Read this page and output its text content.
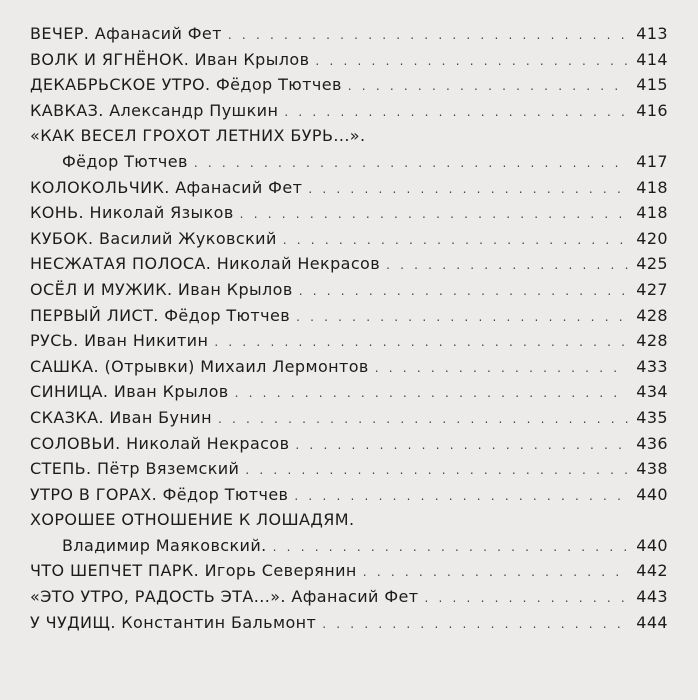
ВЕЧЕР. Афанасий Фет . . .	413
ВОЛК И ЯГНЁНОК. Иван Крылов . . .	414
ДЕКАБРЬСКОЕ УТРО. Фёдор Тютчев . . .	415
КАВКАЗ. Александр Пушкин . . .	416
«КАК ВЕСЕЛ ГРОХОТ ЛЕТНИХ БУРЬ...».
Фёдор Тютчев . . .	417
КОЛОКОЛЬЧИК. Афанасий Фет . . .	418
КОНЬ. Николай Языков . . .	418
КУБОК. Василий Жуковский . . .	420
НЕСЖАТАЯ ПОЛОСА. Николай Некрасов . . .	425
ОСЁЛ И МУЖИК. Иван Крылов . . .	427
ПЕРВЫЙ ЛИСТ. Фёдор Тютчев . . .	428
РУСЬ. Иван Никитин . . .	428
САШКА. (Отрывки) Михаил Лермонтов . . .	433
СИНИЦА. Иван Крылов . . .	434
СКАЗКА. Иван Бунин . . .	435
СОЛОВЬИ. Николай Некрасов . . .	436
СТЕПЬ. Пётр Вяземский . . .	438
УТРО В ГОРАХ. Фёдор Тютчев . . .	440
ХОРОШЕЕ ОТНОШЕНИЕ К ЛОШАДЯМ.
Владимир Маяковский. . . .	440
ЧТО ШЕПЧЕТ ПАРК. Игорь Северянин . . .	442
«ЭТО УТРО, РАДОСТЬ ЭТА...». Афанасий Фет . . .	443
У ЧУДИЩ. Константин Бальмонт . . .	444
